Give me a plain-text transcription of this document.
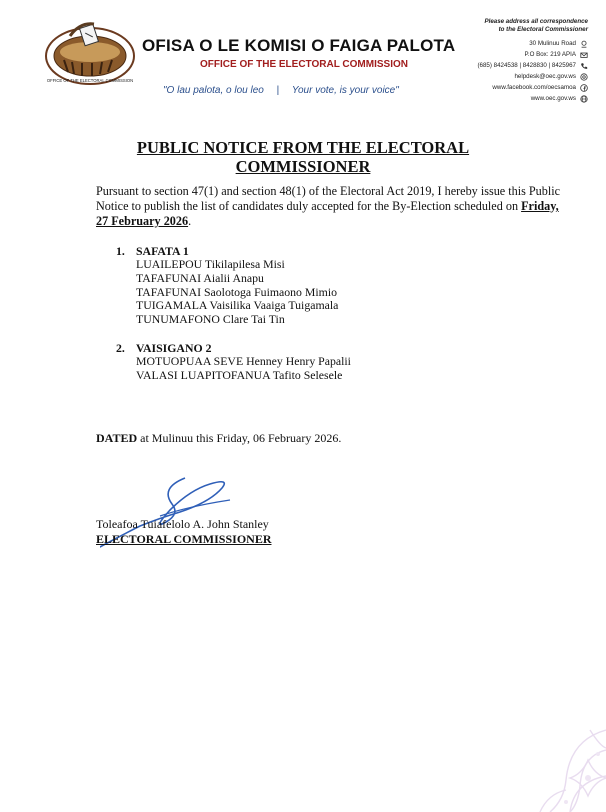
OFFICE OF THE ELECTORAL COMMISSION
OFISA O LE KOMISI O FAIGA PALOTA
OFFICE OF THE ELECTORAL COMMISSION
"O lau palota, o lou leo | Your vote, is your voice"
Please address all correspondence
to the Electoral Commissioner
30 Mulinuu Road
P.O Box: 219 APIA
(685) 8424538 | 8428830 | 8425967
helpdesk@oec.gov.ws
www.facebook.com/oecsamoa
www.oec.gov.ws
PUBLIC NOTICE FROM THE ELECTORAL
COMMISSIONER
Pursuant to section 47(1) and section 48(1) of the Electoral Act 2019, I hereby issue this Public Notice to publish the list of candidates duly accepted for the By-Election scheduled on Friday, 27 February 2026.
1. SAFATA 1
LUAILEPOU Tikilapilesa Misi
TAFAFUNAI Aialii Anapu
TAFAFUNAI Saolotoga Fuimaono Mimio
TUIGAMALA Vaisilika Vaaiga Tuigamala
TUNUMAFONO Clare Tai Tin
2. VAISIGANO 2
MOTUOPUAA SEVE Henney Henry Papalii
VALASI LUAPITOFANUA Tafito Selesele
DATED at Mulinuu this Friday, 06 February 2026.
Toleafoa Tuiafelolo A. John Stanley
ELECTORAL COMMISSIONER
